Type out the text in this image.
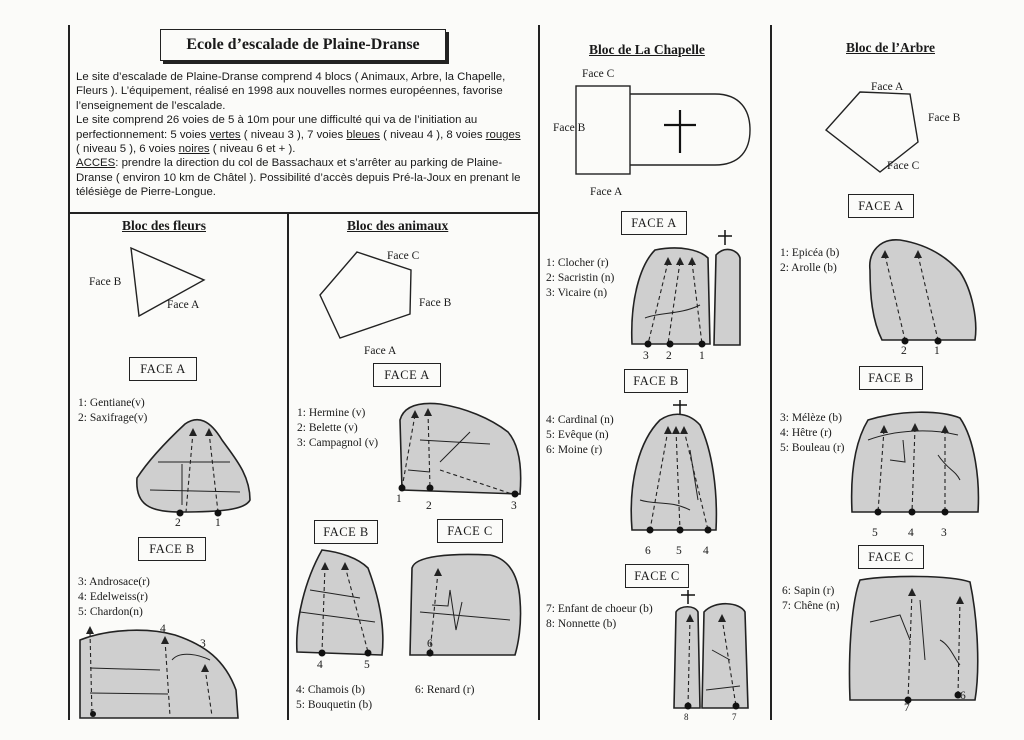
Ecole d’escalade de Plaine-Dranse

Le site d’escalade de Plaine-Dranse comprend 4 blocs ( Animaux, Arbre, la Chapelle, Fleurs ). L’équipement, réalisé en 1998 aux nouvelles normes européennes, favorise l’enseignement de l’escalade.

Le site comprend 26 voies de 5 à 10m pour une difficulté qui va de l’initiation au perfectionnement: 5 voies vertes ( niveau 3 ), 7 voies bleues ( niveau 4 ), 8 voies rouges ( niveau 5 ), 6 voies noires ( niveau 6 et + ).

ACCES: prendre la direction du col de Bassachaux et s’arrêter au parking de Plaine-Dranse ( environ 10 km de Châtel ). Possibilité d’accès depuis Pré-la-Joux en prenant le télésiège de Pierre-Longue.

Bloc des fleurs
Face B
Face A
FACE A
1: Gentiane(v)
2: Saxifrage(v)
2	1
FACE B
3: Androsace(r)
4: Edelweiss(r)
5: Chardon(n)
4
3
5
Bloc des animaux
Face C
Face B
Face A
FACE A
1: Hermine (v)
2: Belette (v)
3: Campagnol (v)
1
2	3
FACE B	FACE C
4	5
6
4: Chamois (b)
5: Bouquetin (b)
6: Renard (r)
Bloc de La Chapelle
Face C
Face B
Face A
FACE A
1: Clocher (r)
2: Sacristin (n)
3: Vicaire (n)
3 2 1
FACE B
4: Cardinal (n)
5: Evêque (n)
6: Moine (r)
6 5 4
FACE C
7: Enfant de choeur (b)
8: Nonnette (b)
8	7
Bloc de l’Arbre
Face A
Face B
Face C
FACE A
1: Epicéa (b)
2: Arolle (b)
2 1
FACE B
3: Mélèze (b)
4: Hêtre (r)
5: Bouleau (r)
5	4 3
FACE C
6: Sapin (r)
7: Chêne (n)
7
6
